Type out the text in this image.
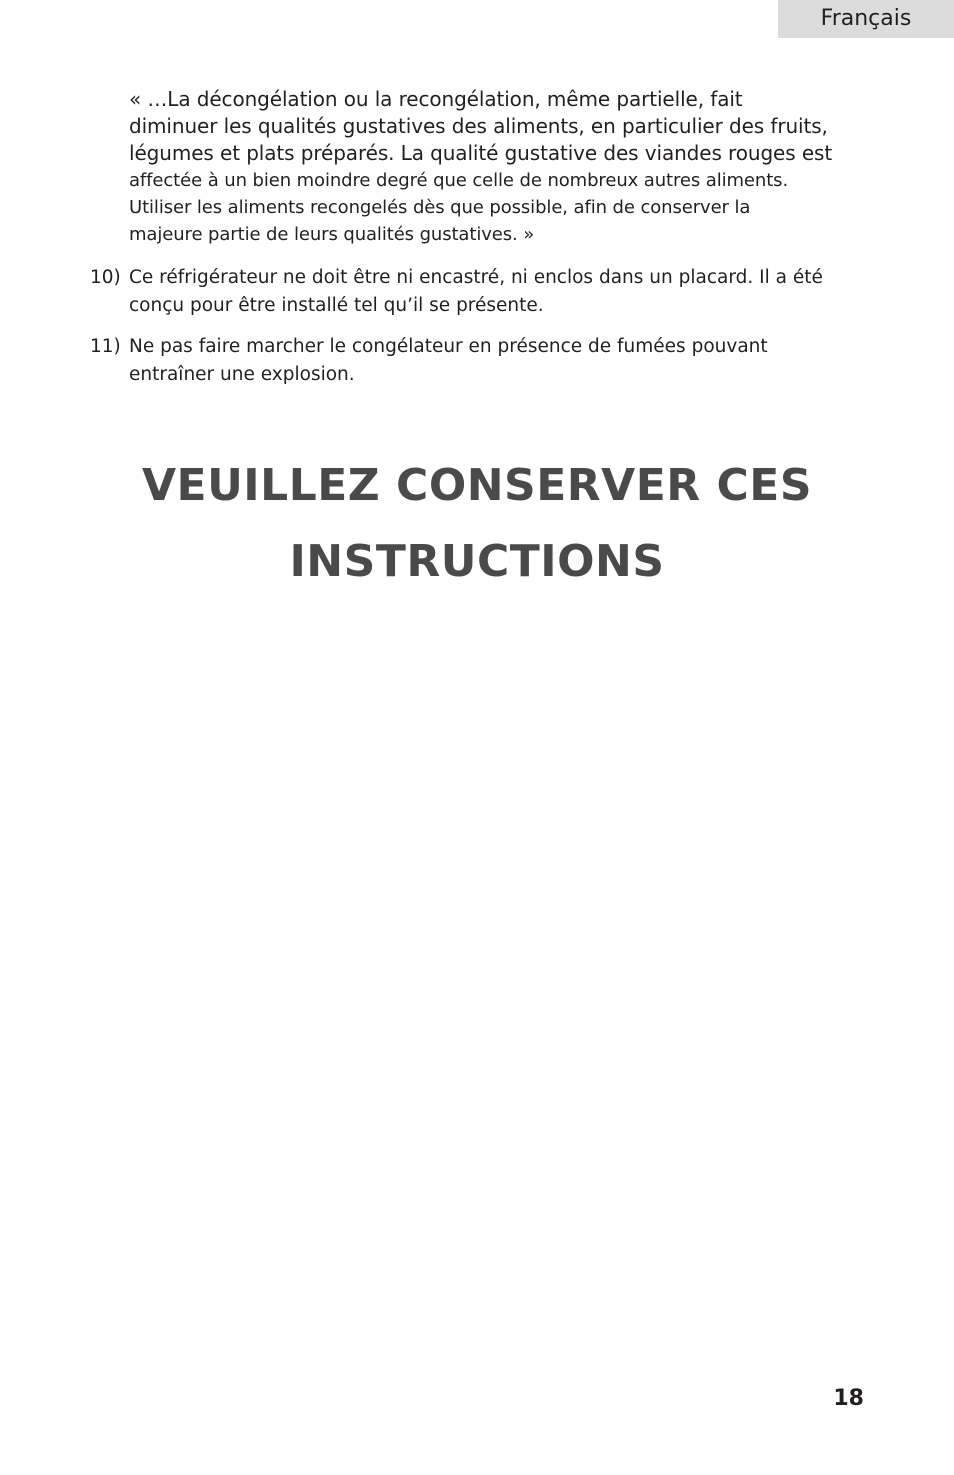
Français
« …La décongélation ou la recongélation, même partielle, fait
diminuer les qualités gustatives des aliments, en particulier des fruits,
légumes et plats préparés. La qualité gustative des viandes rouges est
affectée à un bien moindre degré que celle de nombreux autres aliments.
Utiliser les aliments recongelés dès que possible, afin de conserver la
majeure partie de leurs qualités gustatives. »
10) Ce réfrigérateur ne doit être ni encastré, ni enclos dans un placard. Il a été
conçu pour être installé tel qu’il se présente.
11) Ne pas faire marcher le congélateur en présence de fumées pouvant
entraîner une explosion.
VEUILLEZ CONSERVER CES
INSTRUCTIONS
18
